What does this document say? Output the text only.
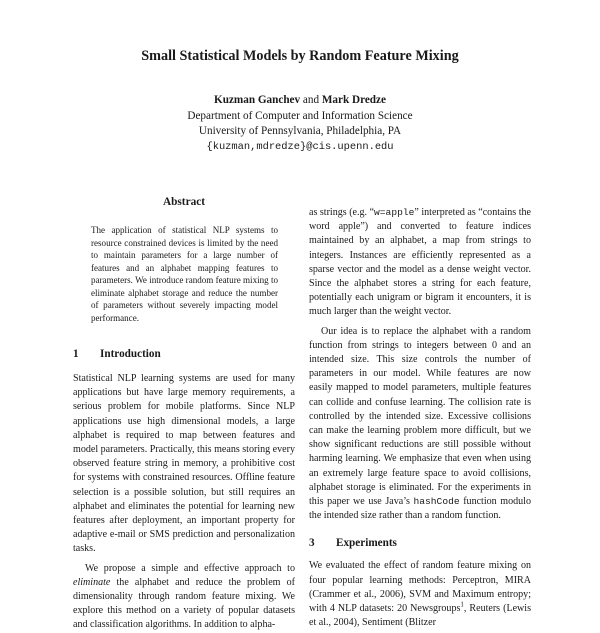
Small Statistical Models by Random Feature Mixing
Kuzman Ganchev and Mark Dredze
Department of Computer and Information Science
University of Pennsylvania, Philadelphia, PA
{kuzman,mdredze}@cis.upenn.edu
Abstract

The application of statistical NLP systems to resource constrained devices is limited by the need to maintain parameters for a large number of features and an alphabet mapping features to parameters. We introduce random feature mixing to eliminate alphabet storage and reduce the number of parameters without severely impacting model performance.

1	Introduction

Statistical NLP learning systems are used for many applications but have large memory requirements, a serious problem for mobile platforms. Since NLP applications use high dimensional models, a large alphabet is required to map between features and model parameters. Practically, this means storing every observed feature string in memory, a prohibitive cost for systems with constrained resources. Offline feature selection is a possible solution, but still requires an alphabet and eliminates the potential for learning new features after deployment, an important property for adaptive e-mail or SMS prediction and personalization tasks.

We propose a simple and effective approach to eliminate the alphabet and reduce the problem of dimensionality through random feature mixing. We explore this method on a variety of popular datasets and classification algorithms. In addition to alpha-

as strings (e.g. “w=apple” interpreted as “contains the word apple”) and converted to feature indices maintained by an alphabet, a map from strings to integers. Instances are efficiently represented as a sparse vector and the model as a dense weight vector. Since the alphabet stores a string for each feature, potentially each unigram or bigram it encounters, it is much larger than the weight vector.

Our idea is to replace the alphabet with a random function from strings to integers between 0 and an intended size. This size controls the number of parameters in our model. While features are now easily mapped to model parameters, multiple features can collide and confuse learning. The collision rate is controlled by the intended size. Excessive collisions can make the learning problem more difficult, but we show significant reductions are still possible without harming learning. We emphasize that even when using an extremely large feature space to avoid collisions, alphabet storage is eliminated. For the experiments in this paper we use Java’s hashCode function modulo the intended size rather than a random function.

3	Experiments

We evaluated the effect of random feature mixing on four popular learning methods: Perceptron, MIRA (Crammer et al., 2006), SVM and Maximum entropy; with 4 NLP datasets: 20 Newsgroups$^1$, Reuters (Lewis et al., 2004), Sentiment (Blitzer
